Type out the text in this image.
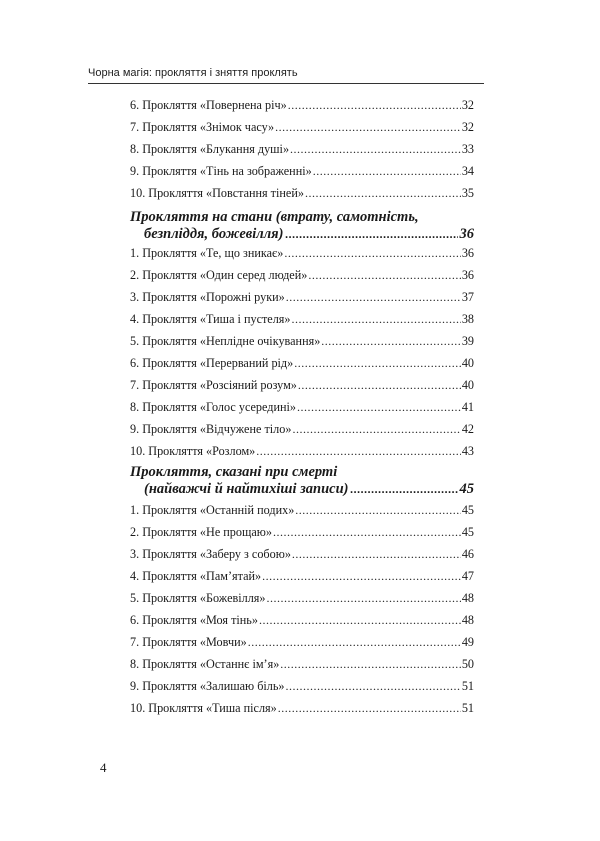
Чорна магія: прокляття і зняття проклять
6. Прокляття «Повернена річ» .....	32
7. Прокляття «Знімок часу» .....	32
8. Прокляття «Блукання душі» .....	33
9. Прокляття «Тінь на зображенні» .....	34
10. Прокляття «Повстання тіней» .....	35
Прокляття на стани (втрату, самотність,
безпліддя, божевілля) .....	36
1. Прокляття «Те, що зникає» .....	36
2. Прокляття «Один серед людей» .....	36
3. Прокляття «Порожні руки» .....	37
4. Прокляття «Тиша і пустеля» .....	38
5. Прокляття «Неплідне очікування» .....	39
6. Прокляття «Перерваний рід» .....	40
7. Прокляття «Розсіяний розум» .....	40
8. Прокляття «Голос усередині» .....	41
9. Прокляття «Відчужене тіло» .....	42
10. Прокляття «Розлом» .....	43
Прокляття, сказані при смерті
(найважчі й найтихіші записи) .....	45
1. Прокляття «Останній подих» .....	45
2. Прокляття «Не прощаю» .....	45
3. Прокляття «Заберу з собою» .....	46
4. Прокляття «Пам’ятай» .....	47
5. Прокляття «Божевілля» .....	48
6. Прокляття «Моя тінь» .....	48
7. Прокляття «Мовчи» .....	49
8. Прокляття «Останнє ім’я» .....	50
9. Прокляття «Залишаю біль» .....	51
10. Прокляття «Тиша після» .....	51
4
